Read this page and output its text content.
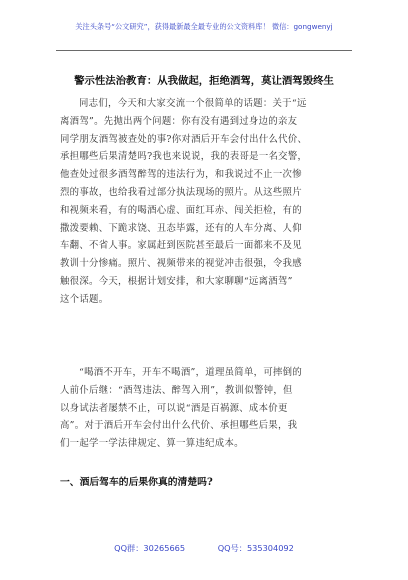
关注头条号“公文研究”，获得最新最全最专业的公文资料库！ 微信：gongwenyj
警示性法治教育：从我做起，拒绝酒驾，莫让酒驾毁终生
同志们，今天和大家交流一个很简单的话题：关于“远
离酒驾”。先抛出两个问题：你有没有遇到过身边的亲友
同学朋友酒驾被查处的事?你对酒后开车会付出什么代价、
承担哪些后果清楚吗?我也来说说，我的表哥是一名交警，
他查处过很多酒驾醉驾的违法行为，和我说过不止一次惨
烈的事故，也给我看过部分执法现场的照片。从这些照片
和视频来看，有的喝酒心虚、面红耳赤、闯关拒检，有的
撒泼要赖、下跪求饶、丑态毕露，还有的人车分离、人仰
车翻、不省人事。家属赶到医院甚至最后一面都来不及见
教训十分惨痛。照片、视频带来的视觉冲击很强，令我感
触很深。今天，根据计划安排，和大家聊聊“远离酒驾”
这个话题。
“喝酒不开车，开车不喝酒”，道理虽简单，可摔倒的
人前仆后继：“酒驾违法、醉驾入刑”，教训似警钟，但
以身试法者屡禁不止，可以说“酒是百祸源、成本价更
高”。对于酒后开车会付出什么代价、承担哪些后果，我
们一起学一学法律规定、算一算违纪成本。
一、酒后驾车的后果你真的清楚吗?
QQ群：30265665	QQ号：535304092
